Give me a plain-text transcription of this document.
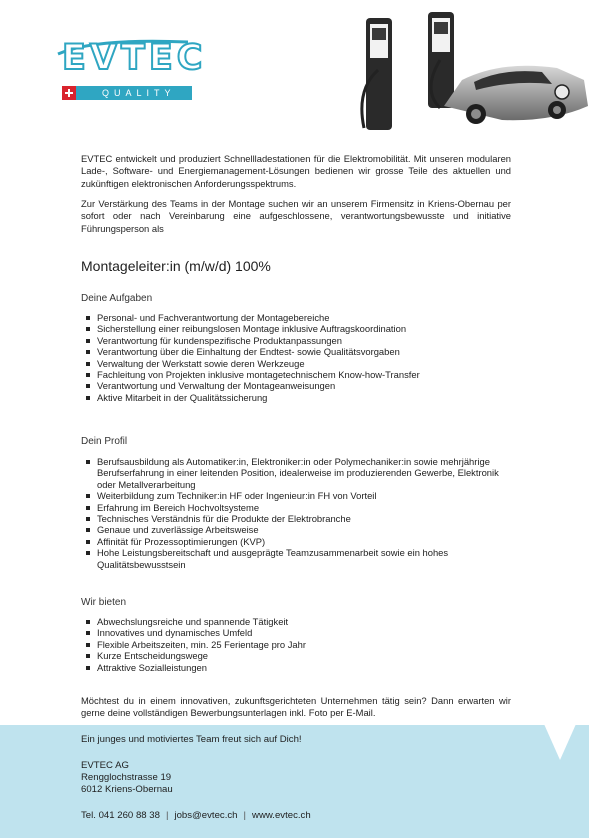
EVTEC
QUALITY

EVTEC entwickelt und produziert Schnellladestationen für die Elektromobilität. Mit unseren modularen Lade-, Software- und Energiemanagement-Lösungen bedienen wir grosse Teile des aktuellen und zukünftigen elektronischen Anforderungsspektrums.

Zur Verstärkung des Teams in der Montage suchen wir an unserem Firmensitz in Kriens-Obernau per sofort oder nach Vereinbarung eine aufgeschlossene, verantwortungsbewusste und initiative Führungsperson als

Montageleiter:in (m/w/d) 100%
Deine Aufgaben
Personal- und Fachverantwortung der Montagebereiche
Sicherstellung einer reibungslosen Montage inklusive Auftragskoordination
Verantwortung für kundenspezifische Produktanpassungen
Verantwortung über die Einhaltung der Endtest- sowie Qualitätsvorgaben
Verwaltung der Werkstatt sowie deren Werkzeuge
Fachleitung von Projekten inklusive montagetechnischem Know-how-Transfer
Verantwortung und Verwaltung der Montageanweisungen
Aktive Mitarbeit in der Qualitätssicherung
Dein Profil
Berufsausbildung als Automatiker:in, Elektroniker:in oder Polymechaniker:in sowie mehrjährige Berufserfahrung in einer leitenden Position, idealerweise im produzierenden Gewerbe, Elektronik oder Metallverarbeitung
Weiterbildung zum Techniker:in HF oder Ingenieur:in FH von Vorteil
Erfahrung im Bereich Hochvoltsysteme
Technisches Verständnis für die Produkte der Elektrobranche
Genaue und zuverlässige Arbeitsweise
Affinität für Prozessoptimierungen (KVP)
Hohe Leistungsbereitschaft und ausgeprägte Teamzusammenarbeit sowie ein hohes Qualitätsbewusstsein
Wir bieten
Abwechslungsreiche und spannende Tätigkeit
Innovatives und dynamisches Umfeld
Flexible Arbeitszeiten, min. 25 Ferientage pro Jahr
Kurze Entscheidungswege
Attraktive Sozialleistungen

Möchtest du in einem innovativen, zukunftsgerichteten Unternehmen tätig sein? Dann erwarten wir gerne deine vollständigen Bewerbungsunterlagen inkl. Foto per E-Mail.

Ein junges und motiviertes Team freut sich auf Dich!

EVTEC AG
Rengglochstrasse 19
6012 Kriens-Obernau
Tel. 041 260 88 38 | jobs@evtec.ch | www.evtec.ch
